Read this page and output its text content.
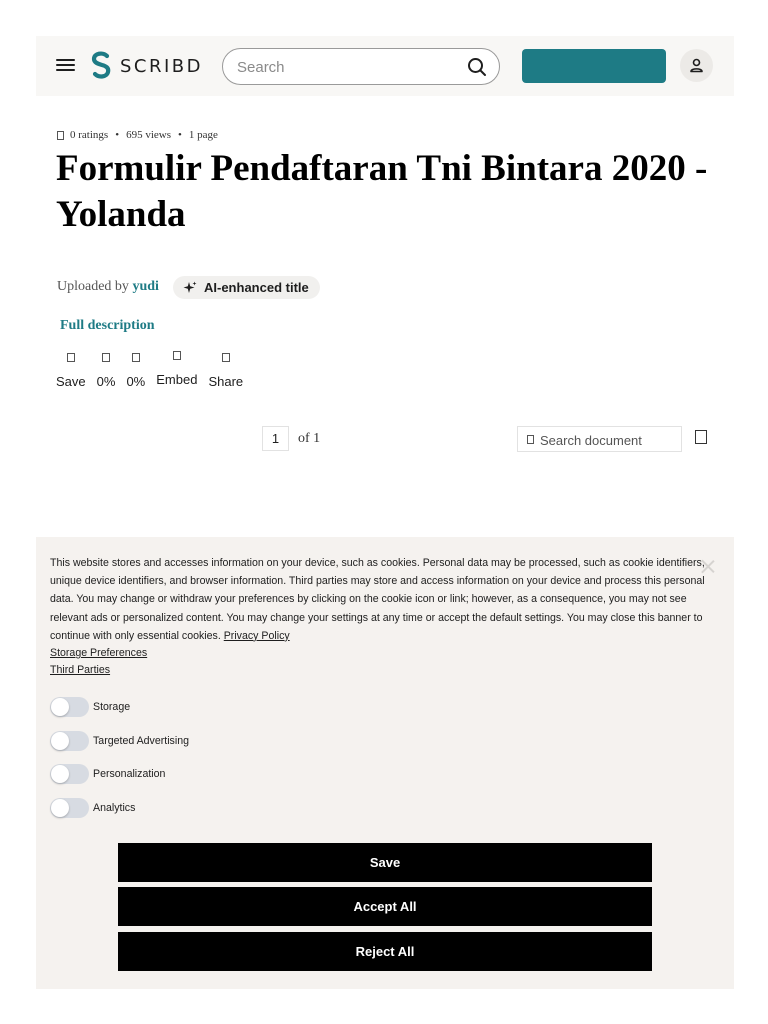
SCRIBD
Search
0 ratings • 695 views • 1 page
Formulir Pendaftaran Tni Bintara 2020 - Yolanda
Uploaded by yudi	AI-enhanced title
Full description
Save 0% 0% Embed Share
1	of 1
Search document

This website stores and accesses information on your device, such as cookies. Personal data may be processed, such as cookie identifiers, unique device identifiers, and browser information. Third parties may store and access information on your device and process this personal data. You may change or withdraw your preferences by clicking on the cookie icon or link; however, as a consequence, you may not see relevant ads or personalized content. You may change your settings at any time or accept the default settings. You may close this banner to continue with only essential cookies. Privacy Policy

Storage Preferences
Third Parties
Storage
Targeted Advertising
Personalization
Analytics
Save
Accept All
Reject All
